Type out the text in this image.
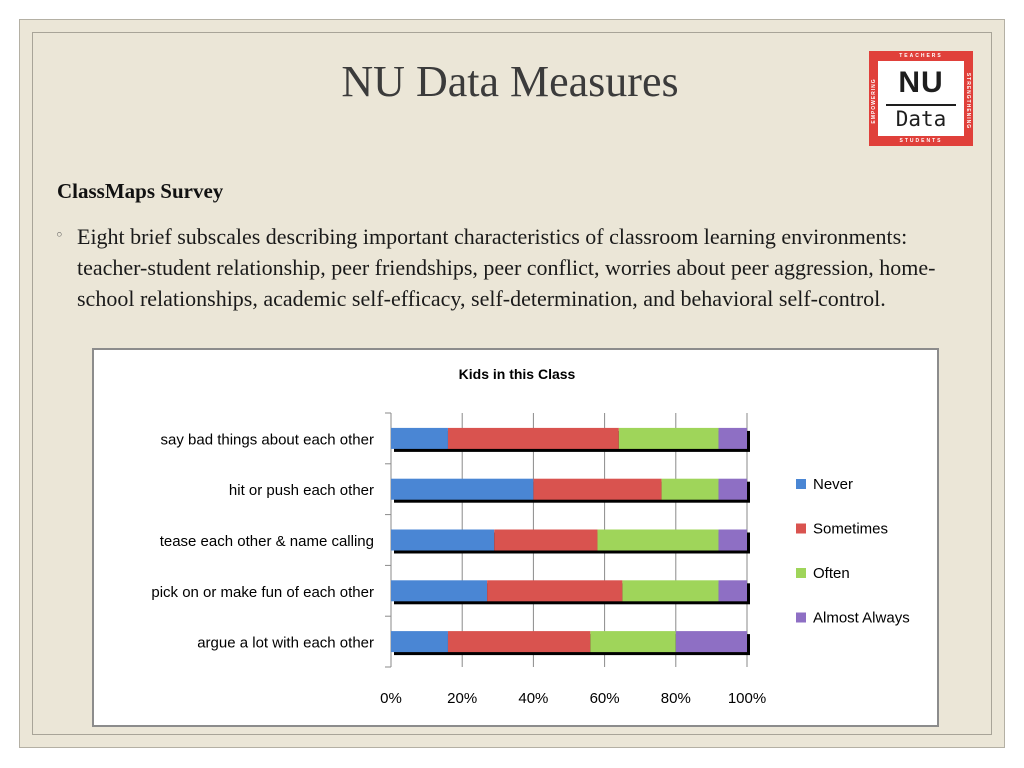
NU Data Measures
TEACHERS
EMPOWERING	STRENGTHENING
NU
Data
STUDENTS
ClassMaps Survey
◦ Eight brief subscales describing important characteristics of classroom learning environments: teacher-student relationship, peer friendships, peer conflict, worries about peer aggression, home-school relationships, academic self-efficacy, self-determination, and behavioral self-control.
Kids in this Class
0%	20%	40%	60%	80% 100%
say bad things about each other
hit or push each other
tease each other & name calling
pick on or make fun of each other
argue a lot with each other
Never
Sometimes
Often
Almost Always
